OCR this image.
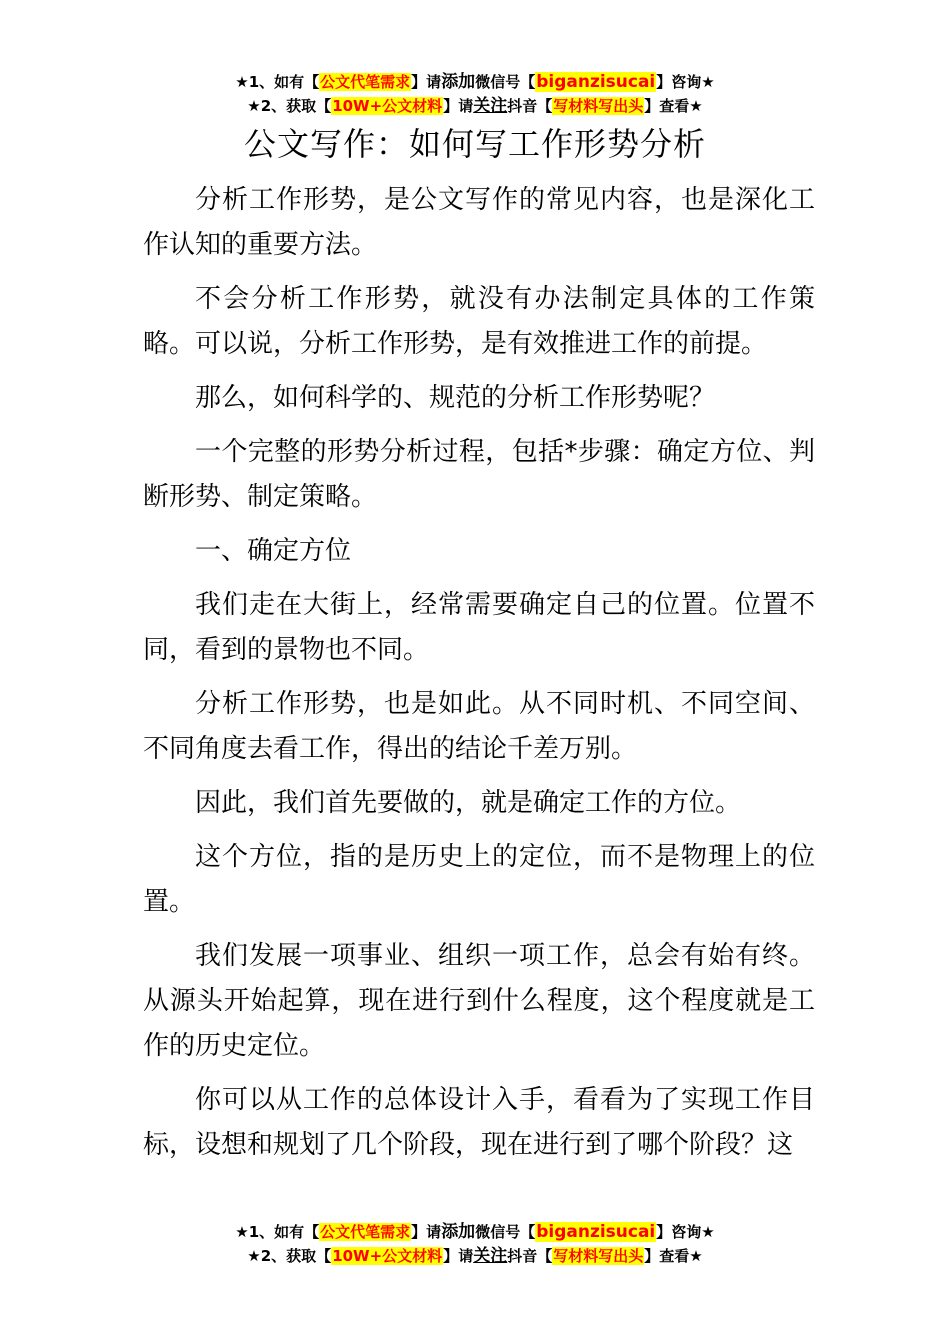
★1、如有【公文代笔需求】请添加微信号【biganzisucai】咨询★
★2、获取【10W+公文材料】请关注抖音【写材料写出头】查看★
公文写作：如何写工作形势分析

分析工作形势，是公文写作的常见内容，也是深化工作认知的重要方法。

不会分析工作形势，就没有办法制定具体的工作策略。可以说，分析工作形势，是有效推进工作的前提。

那么，如何科学的、规范的分析工作形势呢？

一个完整的形势分析过程，包括*步骤：确定方位、判断形势、制定策略。

一、确定方位

我们走在大街上，经常需要确定自己的位置。位置不同，看到的景物也不同。

分析工作形势，也是如此。从不同时机、不同空间、不同角度去看工作，得出的结论千差万别。

因此，我们首先要做的，就是确定工作的方位。

这个方位，指的是历史上的定位，而不是物理上的位置。

我们发展一项事业、组织一项工作，总会有始有终。从源头开始起算，现在进行到什么程度，这个程度就是工作的历史定位。

你可以从工作的总体设计入手，看看为了实现工作目标，设想和规划了几个阶段，现在进行到了哪个阶段？这

★1、如有【公文代笔需求】请添加微信号【biganzisucai】咨询★
★2、获取【10W+公文材料】请关注抖音【写材料写出头】查看★
